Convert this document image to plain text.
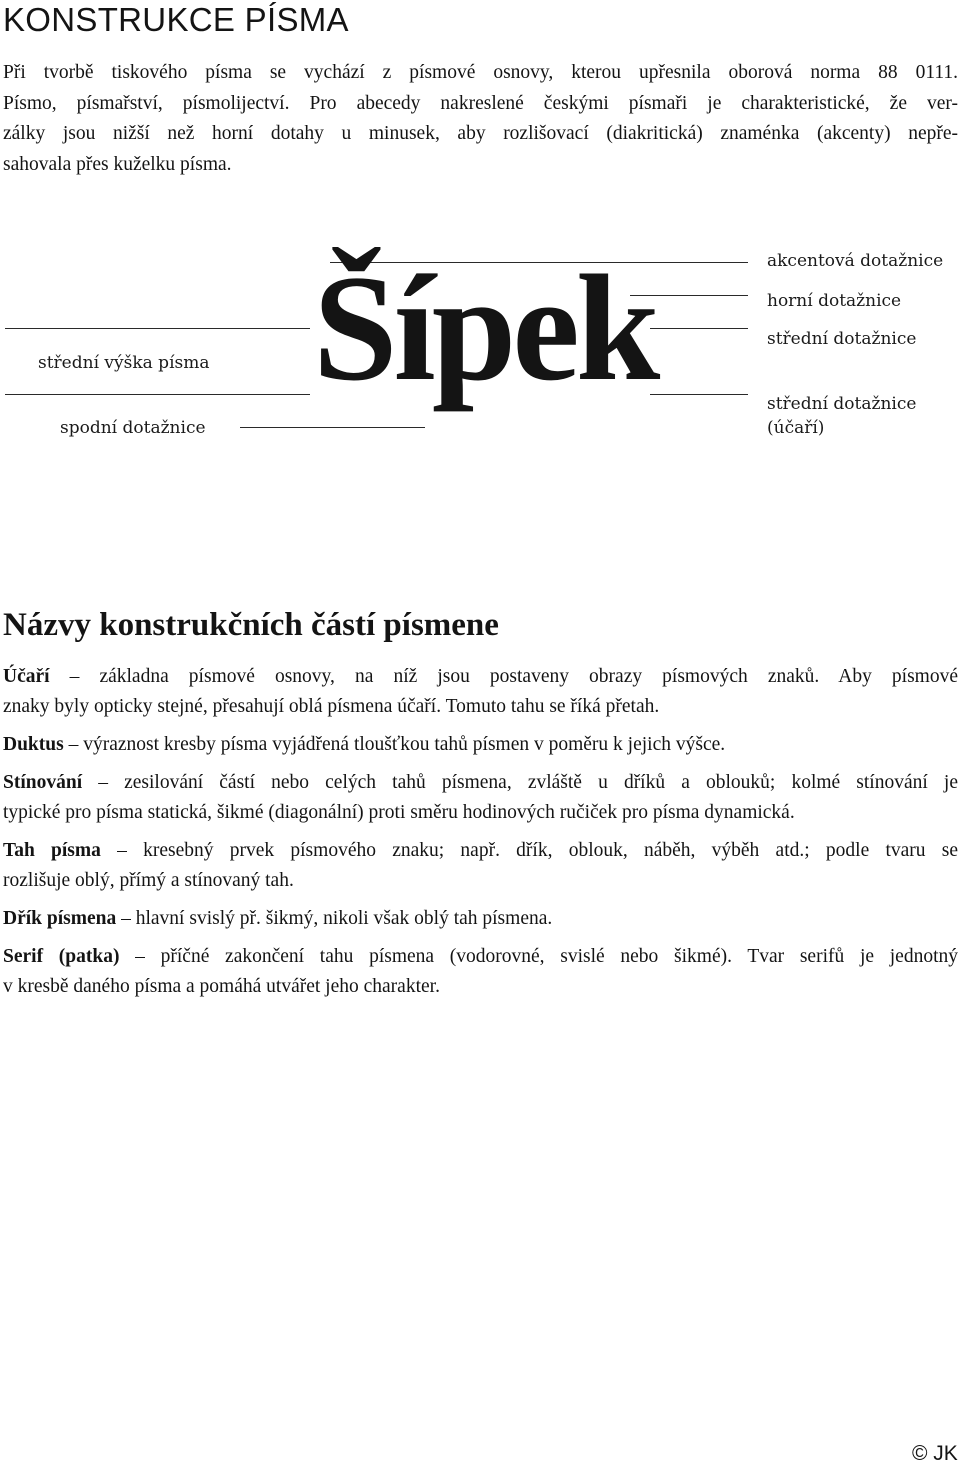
KONSTRUKCE PÍSMA

Při tvorbě tiskového písma se vychází z písmové osnovy, kterou upřesnila oborová norma 88 0111.
Písmo, písmařství, písmolijectví. Pro abecedy nakreslené českými písmaři je charakteristické, že ver-
zálky jsou nižší než horní dotahy u minusek, aby rozlišovací (diakritická) znaménka (akcenty) nepře-
sahovala přes kuželku písma.

Šípek	akcentová dotažnice
horní dotažnice
střední dotažnice
střední dotažnice
(účaří)
střední výška písma
spodní dotažnice
Názvy konstrukčních částí písmene
Účaří – základna písmové osnovy, na níž jsou postaveny obrazy písmových znaků. Aby písmové
znaky byly opticky stejné, přesahují oblá písmena účaří. Tomuto tahu se říká přetah.
Duktus – výraznost kresby písma vyjádřená tloušťkou tahů písmen v poměru k jejich výšce.
Stínování – zesilování částí nebo celých tahů písmena, zvláště u dříků a oblouků; kolmé stínování je
typické pro písma statická, šikmé (diagonální) proti směru hodinových ručiček pro písma dynamická.
Tah písma – kresebný prvek písmového znaku; např. dřík, oblouk, náběh, výběh atd.; podle tvaru se
rozlišuje oblý, přímý a stínovaný tah.
Dřík písmena – hlavní svislý př. šikmý, nikoli však oblý tah písmena.
Serif (patka) – příčné zakončení tahu písmena (vodorovné, svislé nebo šikmé). Tvar serifů je jednotný
v kresbě daného písma a pomáhá utvářet jeho charakter.
© JK
